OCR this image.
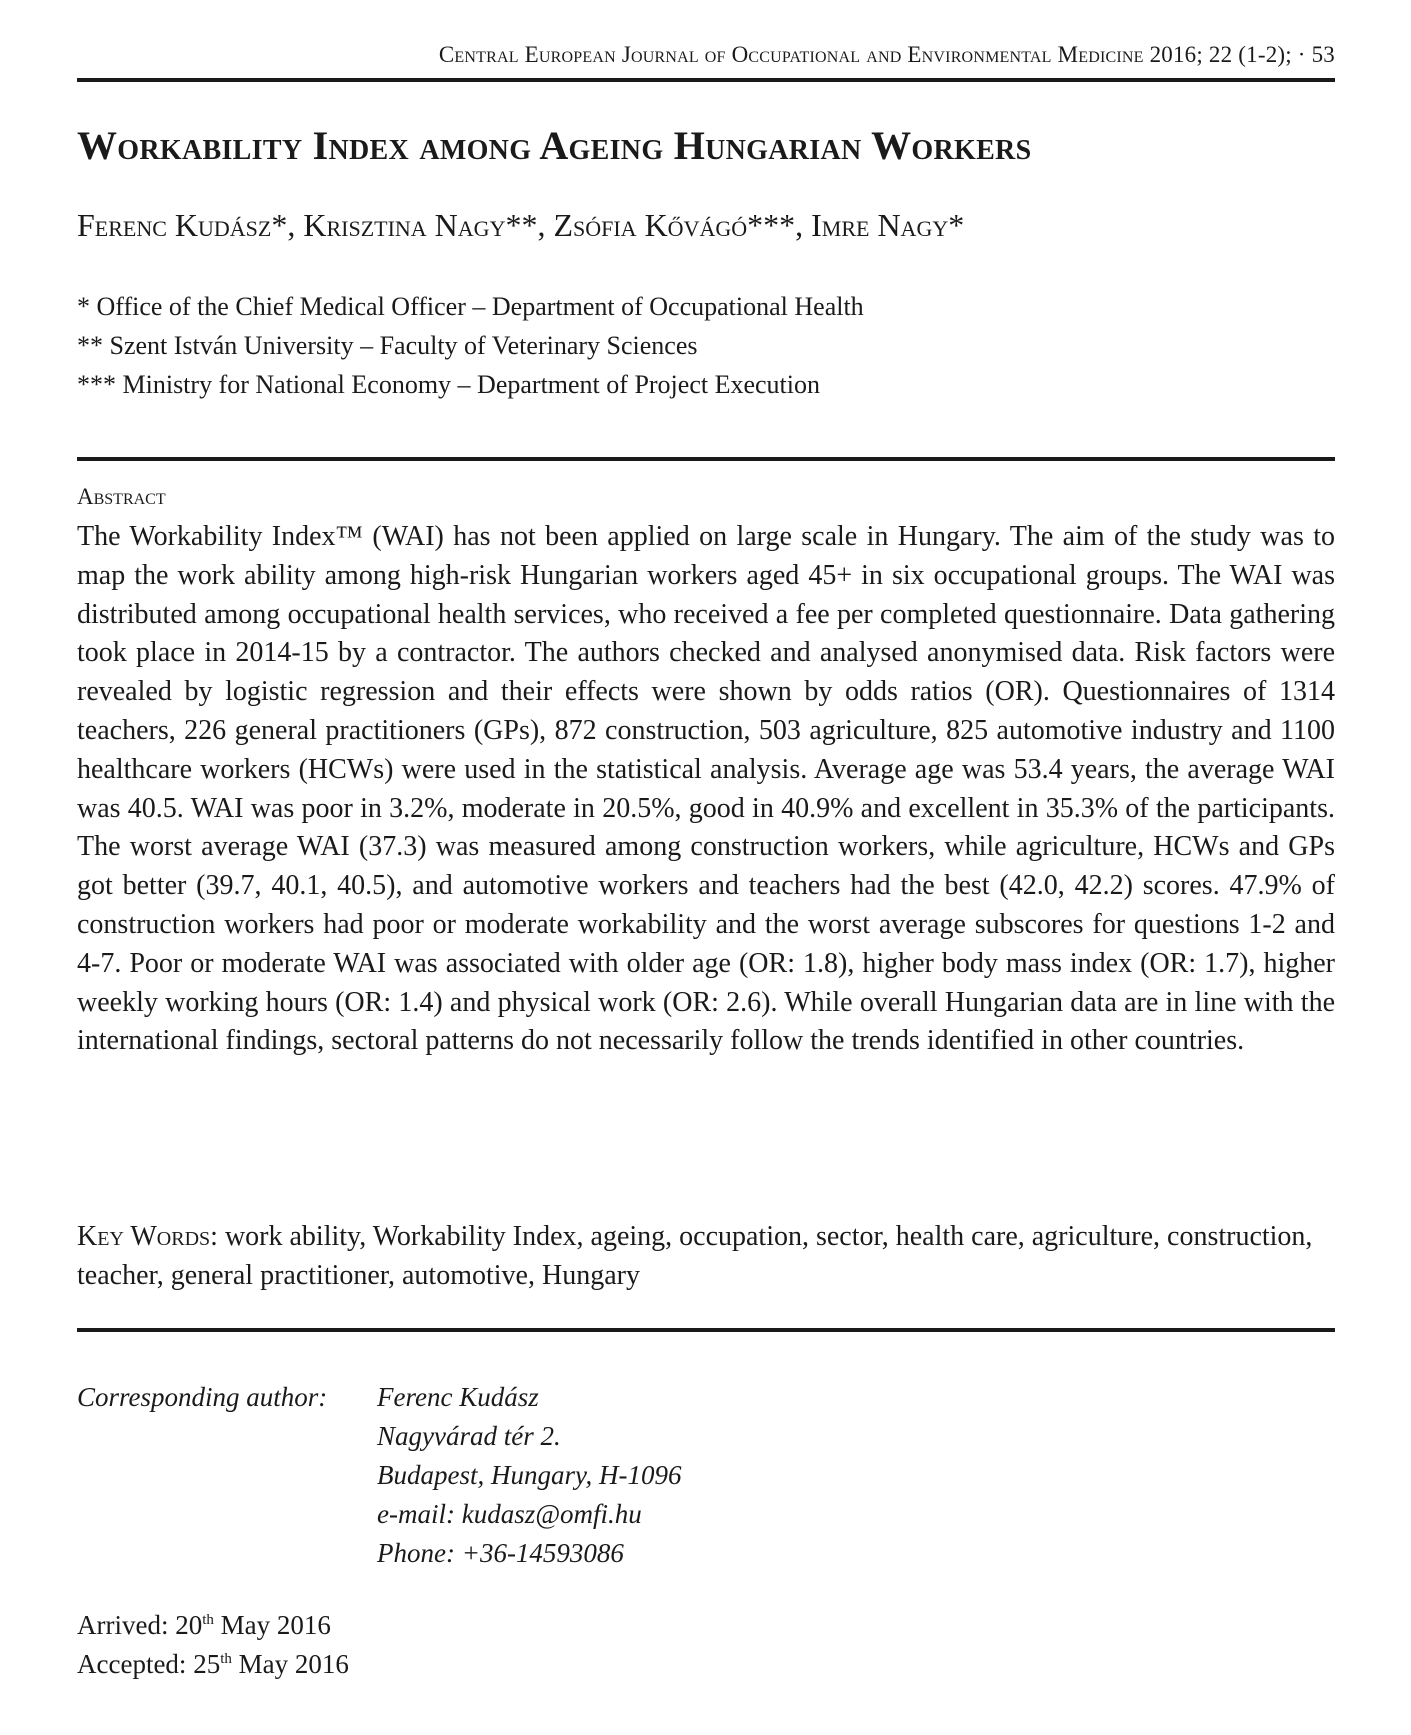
Central European Journal of Occupational and Environmental Medicine 2016; 22 (1-2); · 53
Workability Index among Ageing Hungarian Workers
Ferenc Kudász*, Krisztina Nagy**, Zsófia Kővágó***, Imre Nagy*
* Office of the Chief Medical Officer – Department of Occupational Health
** Szent István University – Faculty of Veterinary Sciences
*** Ministry for National Economy – Department of Project Execution
Abstract
The Workability Index™ (WAI) has not been applied on large scale in Hungary. The aim of the study was to map the work ability among high-risk Hungarian workers aged 45+ in six occupational groups. The WAI was distributed among occupational health services, who received a fee per completed questionnaire. Data gathering took place in 2014-15 by a contractor. The authors checked and analysed anonymised data. Risk factors were revealed by logistic regression and their effects were shown by odds ratios (OR). Questionnaires of 1314 teachers, 226 general practitioners (GPs), 872 construction, 503 agriculture, 825 automotive industry and 1100 healthcare workers (HCWs) were used in the statistical analysis. Average age was 53.4 years, the average WAI was 40.5. WAI was poor in 3.2%, moderate in 20.5%, good in 40.9% and excellent in 35.3% of the participants. The worst average WAI (37.3) was measured among construction workers, while agriculture, HCWs and GPs got better (39.7, 40.1, 40.5), and automotive workers and teachers had the best (42.0, 42.2) scores. 47.9% of construction workers had poor or moderate workability and the worst average subscores for questions 1-2 and 4-7. Poor or moderate WAI was associated with older age (OR: 1.8), higher body mass index (OR: 1.7), higher weekly working hours (OR: 1.4) and physical work (OR: 2.6). While overall Hungarian data are in line with the international findings, sectoral patterns do not necessarily follow the trends identified in other countries.
Key Words: work ability, Workability Index, ageing, occupation, sector, health care, agriculture, construction, teacher, general practitioner, automotive, Hungary
Corresponding author:	Ferenc Kudász
Nagyvárad tér 2.
Budapest, Hungary, H-1096
e-mail: kudasz@omfi.hu
Phone: +36-14593086
Arrived: 20th May 2016
Accepted: 25th May 2016
